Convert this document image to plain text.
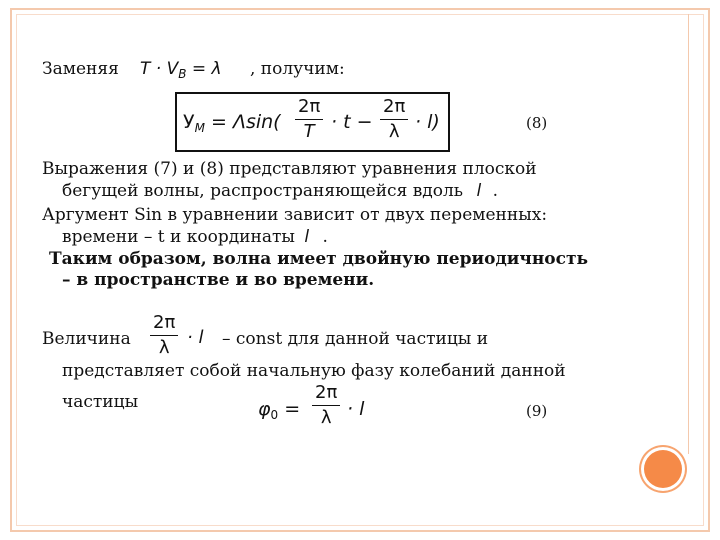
Заменяя $T \cdot V_B = \lambda$ , получим:
$У_M = \Lambda\sin( \frac{2\pi}{T} \cdot t - \frac{2\pi}{\lambda} \cdot l)$	(8)
Выражения (7) и (8) представляют уравнения плоской
бегущей волны, распространяющейся вдоль l .
Аргумент Sin в уравнении зависит от двух переменных:
времени – t и координаты l .
Таким образом, волна имеет двойную периодичность
– в пространстве и во времени.
Величина $\frac{2\pi}{\lambda} \cdot l$ – const для данной частицы и
представляет собой начальную фазу колебаний данной
частицы	$\varphi_0 = \frac{2\pi}{\lambda} \cdot l$	(9)
